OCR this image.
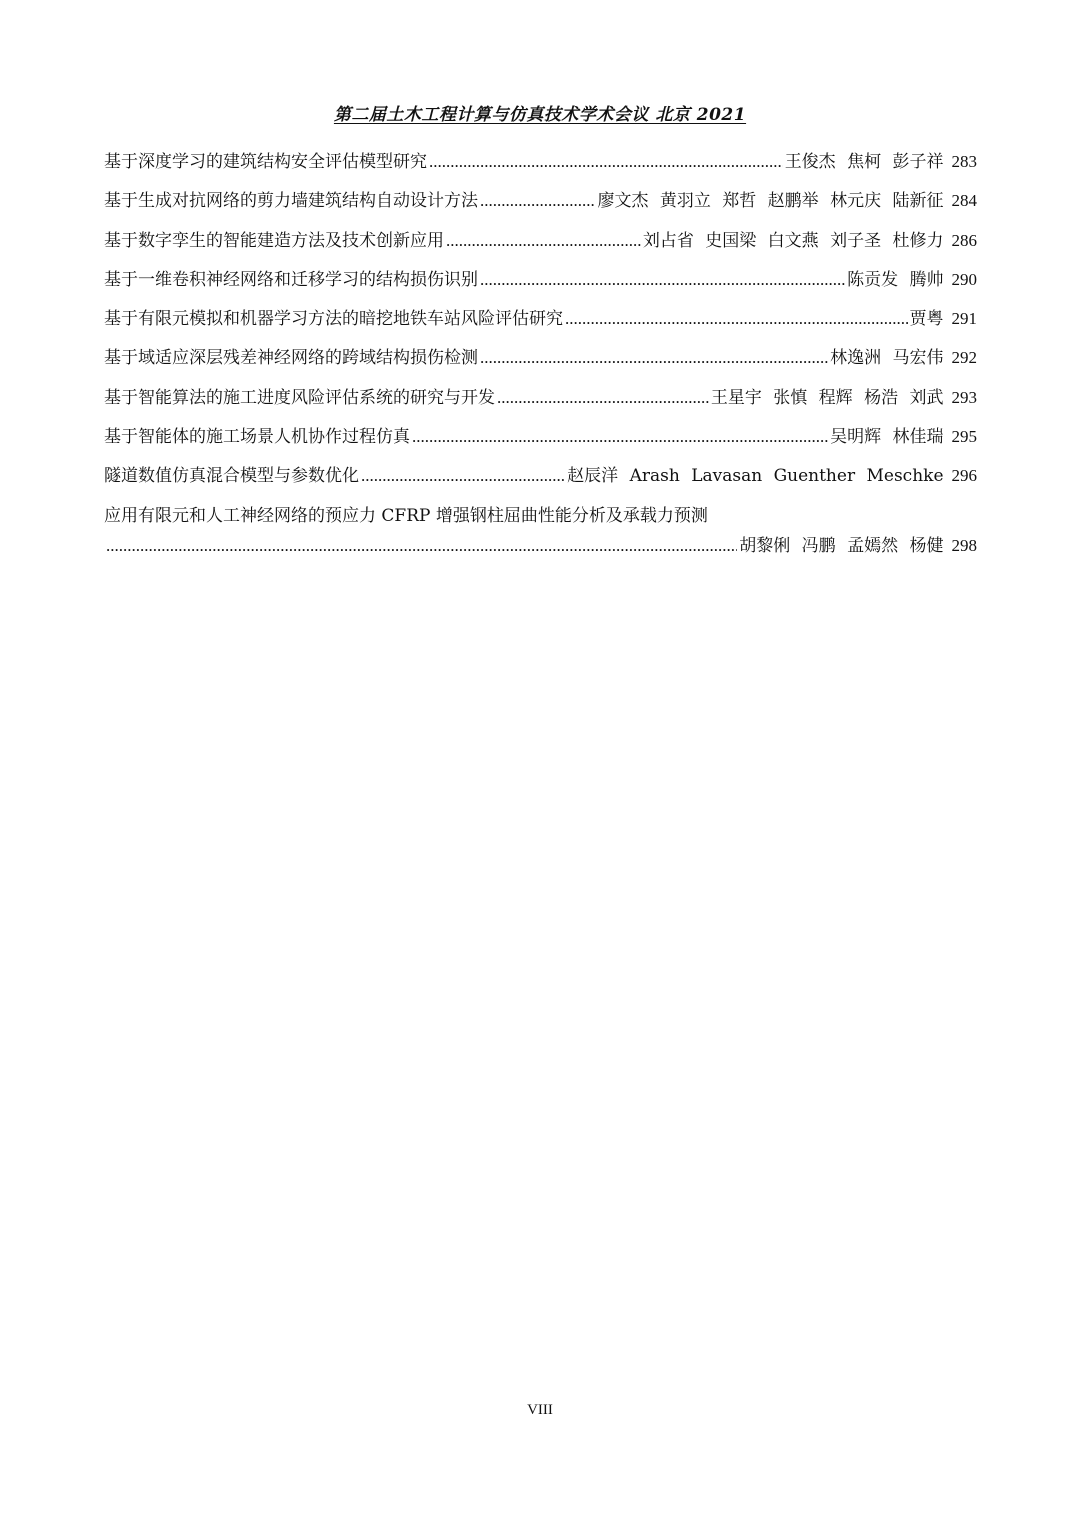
第二届土木工程计算与仿真技术学术会议 北京 2021
基于深度学习的建筑结构安全评估模型研究 .....	王俊杰 焦柯 彭子祥 283
基于生成对抗网络的剪力墙建筑结构自动设计方法 .....	廖文杰 黄羽立 郑哲 赵鹏举 林元庆 陆新征 284
基于数字孪生的智能建造方法及技术创新应用 .....	刘占省 史国梁 白文燕 刘子圣 杜修力 286
基于一维卷积神经网络和迁移学习的结构损伤识别 .....	陈贡发 腾帅 290
基于有限元模拟和机器学习方法的暗挖地铁车站风险评估研究 .....	贾粤 291
基于域适应深层残差神经网络的跨域结构损伤检测 .....	林逸洲 马宏伟 292
基于智能算法的施工进度风险评估系统的研究与开发 .....	王星宇 张慎 程辉 杨浩 刘武 293
基于智能体的施工场景人机协作过程仿真 .....	吴明辉 林佳瑞 295
隧道数值仿真混合模型与参数优化 .....	赵辰洋 Arash Lavasan Guenther Meschke 296
应用有限元和人工神经网络的预应力 CFRP 增强钢柱屈曲性能分析及承载力预测
.....
胡黎俐 冯鹏 孟嫣然 杨健 298
VIII
